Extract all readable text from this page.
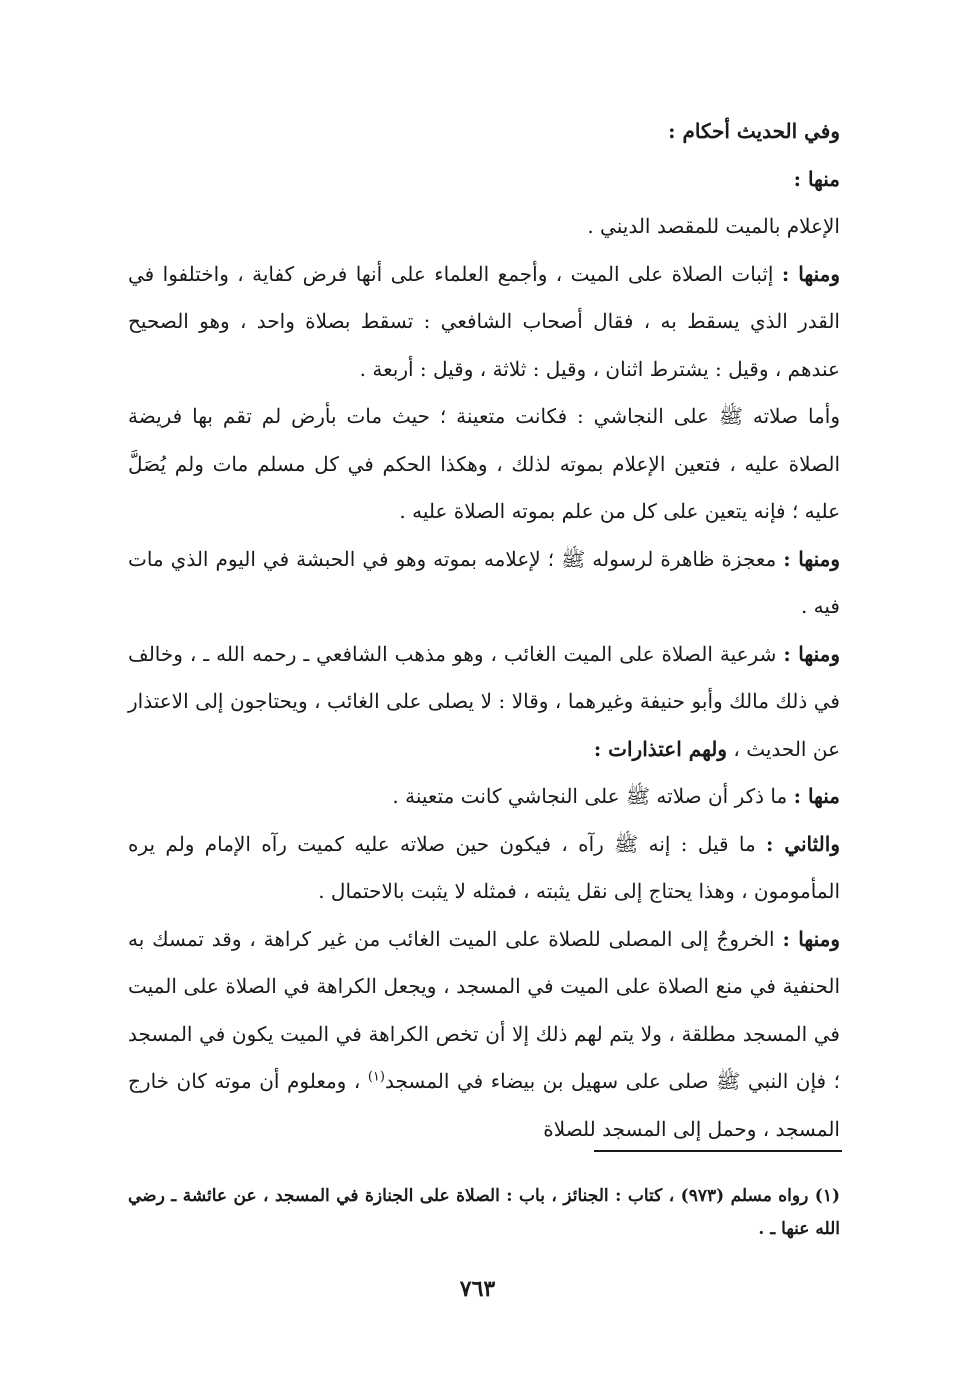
وفي الحديث أحكام :

منها :

الإعلام بالميت للمقصد الديني .

ومنها : إثبات الصلاة على الميت ، وأجمع العلماء على أنها فرض كفاية ، واختلفوا في القدر الذي يسقط به ، فقال أصحاب الشافعي : تسقط بصلاة واحد ، وهو الصحيح عندهم ، وقيل : يشترط اثنان ، وقيل : ثلاثة ، وقيل : أربعة .

وأما صلاته ﷺ على النجاشي : فكانت متعينة ؛ حيث مات بأرض لم تقم بها فريضة الصلاة عليه ، فتعين الإعلام بموته لذلك ، وهكذا الحكم في كل مسلم مات ولم يُصَلَّ عليه ؛ فإنه يتعين على كل من علم بموته الصلاة عليه .

ومنها : معجزة ظاهرة لرسوله ﷺ ؛ لإعلامه بموته وهو في الحبشة في اليوم الذي مات فيه .

ومنها : شرعية الصلاة على الميت الغائب ، وهو مذهب الشافعي ـ رحمه الله ـ ، وخالف في ذلك مالك وأبو حنيفة وغيرهما ، وقالا : لا يصلى على الغائب ، ويحتاجون إلى الاعتذار عن الحديث ، ولهم اعتذارات :

منها : ما ذكر أن صلاته ﷺ على النجاشي كانت متعينة .

والثاني : ما قيل : إنه ﷺ رآه ، فيكون حين صلاته عليه كميت رآه الإمام ولم يره المأمومون ، وهذا يحتاج إلى نقل يثبته ، فمثله لا يثبت بالاحتمال .

ومنها : الخروجُ إلى المصلى للصلاة على الميت الغائب من غير كراهة ، وقد تمسك به الحنفية في منع الصلاة على الميت في المسجد ، ويجعل الكراهة في الصلاة على الميت في المسجد مطلقة ، ولا يتم لهم ذلك إلا أن تخص الكراهة في الميت يكون في المسجد ؛ فإن النبي ﷺ صلى على سهيل بن بيضاء في المسجد$^{(١)}$ ، ومعلوم أن موته كان خارج المسجد ، وحمل إلى المسجد للصلاة

(١) رواه مسلم (٩٧٣) ، كتاب : الجنائز ، باب : الصلاة على الجنازة في المسجد ، عن عائشة ـ رضي الله عنها ـ .

٧٦٣
